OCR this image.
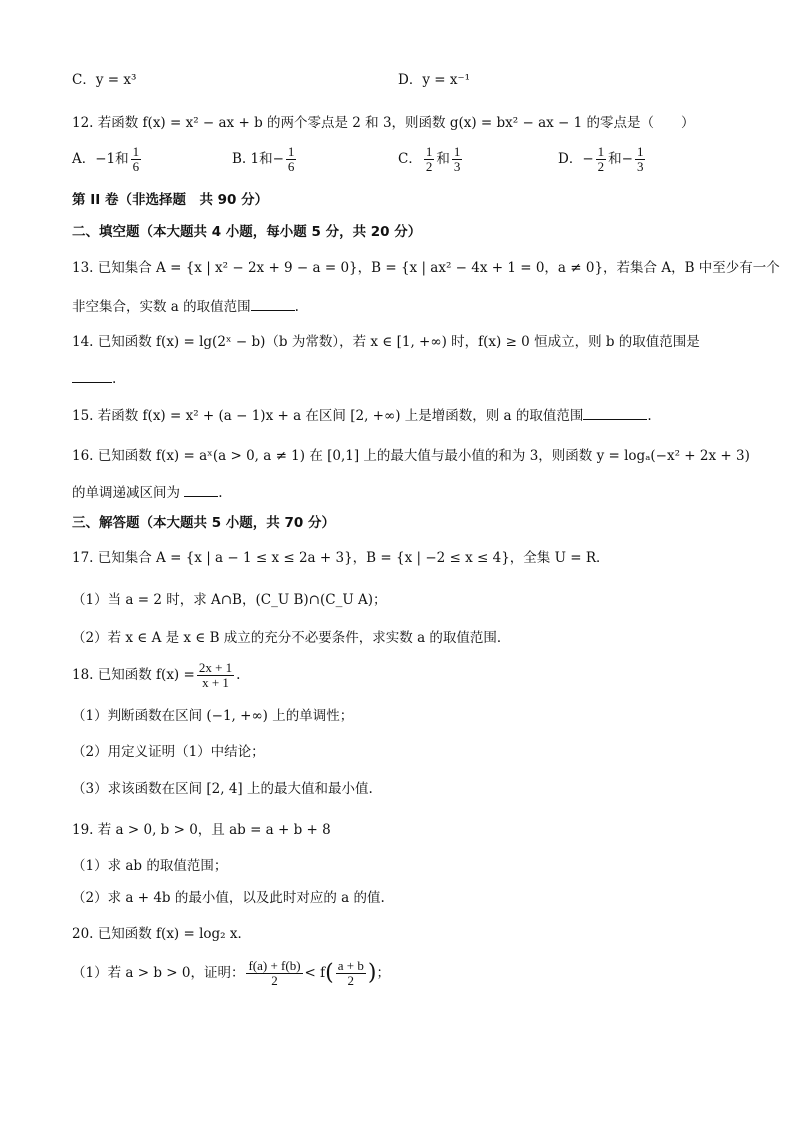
C．y = x³	D．y = x⁻¹
12. 若函数 f(x) = x² − ax + b 的两个零点是 2 和 3，则函数 g(x) = bx² − ax − 1 的零点是（　　）
A．−1和 $\frac{1}{6}$	B. 1和− $\frac{1}{6}$	C． $\frac{1}{2}$ 和 $\frac{1}{3}$	D．− $\frac{1}{2}$ 和− $\frac{1}{3}$
第 II 卷（非选择题　共 90 分）
二、填空题（本大题共 4 小题，每小题 5 分，共 20 分）
13. 已知集合 A = {x | x² − 2x + 9 − a = 0}，B = {x | ax² − 4x + 1 = 0，a ≠ 0}，若集合 A，B 中至少有一个
非空集合，实数 a 的取值范围	.
14. 已知函数 f(x) = lg(2ˣ − b)（b 为常数），若 x ∈ [1, +∞) 时，f(x) ≥ 0 恒成立，则 b 的取值范围是
.
15. 若函数 f(x) = x² + (a − 1)x + a 在区间 [2, +∞) 上是增函数，则 a 的取值范围	.
16. 已知函数 f(x) = aˣ(a > 0, a ≠ 1) 在 [0,1] 上的最大值与最小值的和为 3，则函数 y = logₐ(−x² + 2x + 3)
的单调递减区间为	.
三、解答题（本大题共 5 小题，共 70 分）
17. 已知集合 A = {x | a − 1 ≤ x ≤ 2a + 3}，B = {x | −2 ≤ x ≤ 4}，全集 U = R．
（1）当 a = 2 时，求 A∩B，(C_U B)∩(C_U A)；
（2）若 x ∈ A 是 x ∈ B 成立的充分不必要条件，求实数 a 的取值范围．
18. 已知函数 $f(x) = \frac{2x + 1}{x + 1}$ .
（1）判断函数在区间 (−1, +∞) 上的单调性；
（2）用定义证明（1）中结论；
（3）求该函数在区间 [2, 4] 上的最大值和最小值.
19. 若 a > 0, b > 0，且 ab = a + b + 8
（1）求 ab 的取值范围；
（2）求 a + 4b 的最小值，以及此时对应的 a 的值.
20. 已知函数 f(x) = log₂ x．
（1）若 a > b > 0，证明： $\frac{f(a) + f(b)}{2} < f( \frac{a + b}{2}$ )；
